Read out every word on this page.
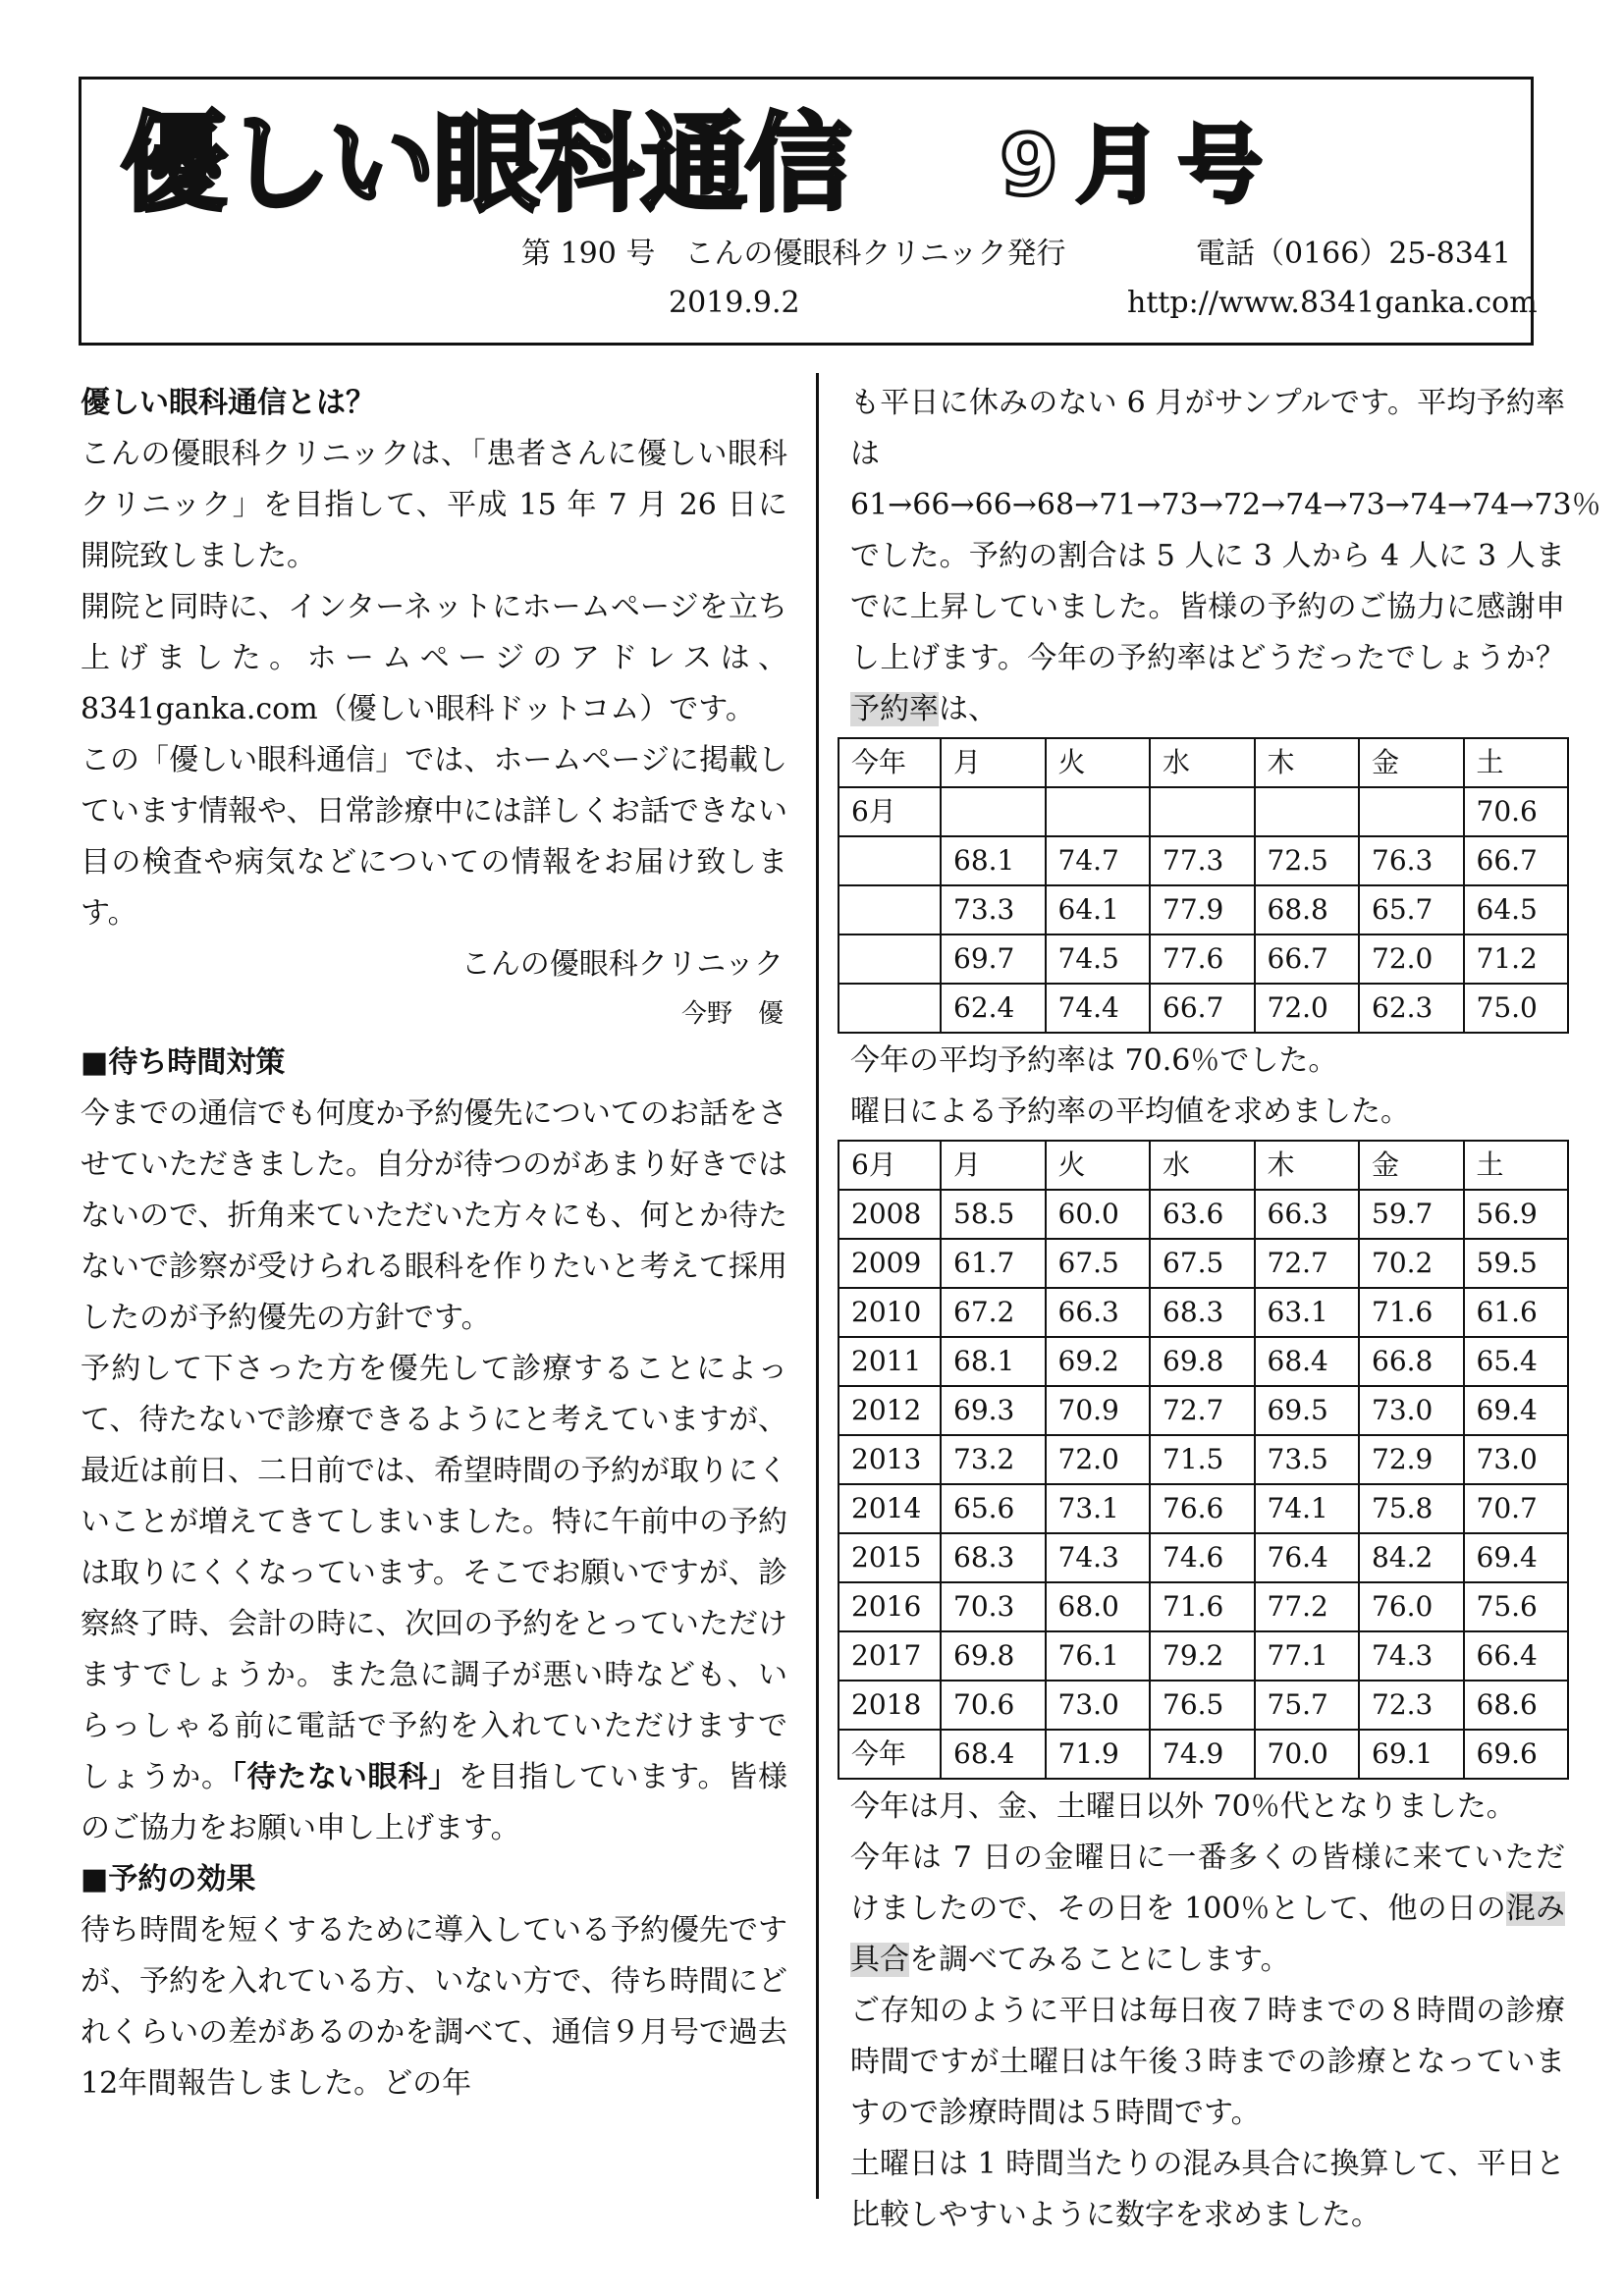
優しい眼科通信 9月号
第 190 号　こんの優眼科クリニック発行	電話（0166）25-8341
2019.9.2	http://www.8341ganka.com

優しい眼科通信とは？

こんの優眼科クリニックは、「患者さんに優しい眼科クリニック」を目指して、平成 15 年 7 月 26 日に開院致しました。

開院と同時に、インターネットにホームページを立ち上げました。ホームページのアドレスは、8341ganka.com（優しい眼科ドットコム）です。

この「優しい眼科通信」では、ホームページに掲載しています情報や、日常診療中には詳しくお話できない目の検査や病気などについての情報をお届け致します。

こんの優眼科クリニック

今野　優

■待ち時間対策

今までの通信でも何度か予約優先についてのお話をさせていただきました。自分が待つのがあまり好きではないので、折角来ていただいた方々にも、何とか待たないで診察が受けられる眼科を作りたいと考えて採用したのが予約優先の方針です。

予約して下さった方を優先して診療することによって、待たないで診療できるようにと考えていますが、最近は前日、二日前では、希望時間の予約が取りにくいことが増えてきてしまいました。特に午前中の予約は取りにくくなっています。そこでお願いですが、診察終了時、会計の時に、次回の予約をとっていただけますでしょうか。また急に調子が悪い時なども、いらっしゃる前に電話で予約を入れていただけますでしょうか。「待たない眼科」を目指しています。皆様のご協力をお願い申し上げます。

■予約の効果

待ち時間を短くするために導入している予約優先ですが、予約を入れている方、いない方で、待ち時間にどれくらいの差があるのかを調べて、通信９月号で過去12年間報告しました。どの年

も平日に休みのない 6 月がサンプルです。平均予約率は 61→66→66→68→71→73→72→74→73→74→74→73％でした。予約の割合は 5 人に 3 人から 4 人に 3 人までに上昇していました。皆様の予約のご協力に感謝申し上げます。今年の予約率はどうだったでしょうか？予約率は、

今年	月	火	水	木	金	土
6月						70.6
	68.1	74.7	77.3	72.5	76.3	66.7
	73.3	64.1	77.9	68.8	65.7	64.5
	69.7	74.5	77.6	66.7	72.0	71.2
	62.4	74.4	66.7	72.0	62.3	75.0

今年の平均予約率は 70.6％でした。

曜日による予約率の平均値を求めました。

6月	月	火	水	木	金	土
2008	58.5	60.0	63.6	66.3	59.7	56.9
2009	61.7	67.5	67.5	72.7	70.2	59.5
2010	67.2	66.3	68.3	63.1	71.6	61.6
2011	68.1	69.2	69.8	68.4	66.8	65.4
2012	69.3	70.9	72.7	69.5	73.0	69.4
2013	73.2	72.0	71.5	73.5	72.9	73.0
2014	65.6	73.1	76.6	74.1	75.8	70.7
2015	68.3	74.3	74.6	76.4	84.2	69.4
2016	70.3	68.0	71.6	77.2	76.0	75.6
2017	69.8	76.1	79.2	77.1	74.3	66.4
2018	70.6	73.0	76.5	75.7	72.3	68.6
今年	68.4	71.9	74.9	70.0	69.1	69.6

今年は月、金、土曜日以外 70％代となりました。

今年は 7 日の金曜日に一番多くの皆様に来ていただけましたので、その日を 100％として、他の日の混み具合を調べてみることにします。

ご存知のように平日は毎日夜７時までの８時間の診療時間ですが土曜日は午後３時までの診療となっていますので診療時間は５時間です。

土曜日は 1 時間当たりの混み具合に換算して、平日と比較しやすいように数字を求めました。
